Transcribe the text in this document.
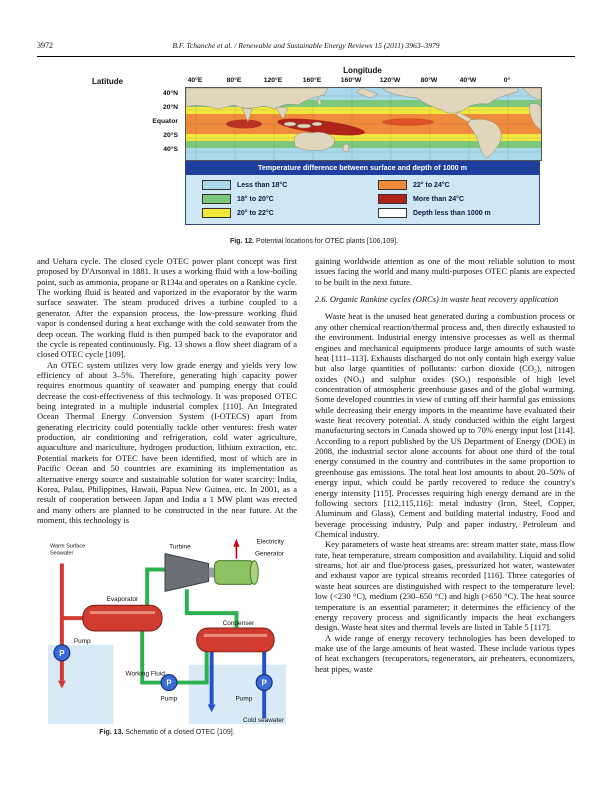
3972	B.F. Tchanche et al. / Renewable and Sustainable Energy Reviews 15 (2011) 3963–3979
Longitude
Latitude	40°E	80°E	120°E	160°E	160°W	120°W	80°W	40°W	0°
40°N
20°N
Equator
20°S
40°S
Temperature difference between surface and depth of 1000 m
Less than 18°C	22° to 24°C
18° to 20°C	More than 24°C
20° to 22°C	Depth less than 1000 m
Fig. 12. Potential locations for OTEC plants [106,109].

and Uehara cycle. The closed cycle OTEC power plant concept was first proposed by D'Arsonval in 1881. It uses a working fluid with a low-boiling point, such as ammonia, propane or R134a and operates on a Rankine cycle. The working fluid is heated and vaporized in the evaporator by the warm surface seawater. The steam produced drives a turbine coupled to a generator. After the expansion process, the low-pressure working fluid vapor is condensed during a heat exchange with the cold seawater from the deep ocean. The working fluid is then pumped back to the evaporator and the cycle is repeated continuously. Fig. 13 shows a flow sheet diagram of a closed OTEC cycle [109].

An OTEC system utilizes very low grade energy and yields very low efficiency of about 3–5%. Therefore, generating high capacity power requires enormous quantity of seawater and pumping energy that could decrease the cost-effectiveness of this technology. It was proposed OTEC being integrated in a multiple industrial complex [110]. An Integrated Ocean Thermal Energy Conversion System (I-OTECS) apart from generating electricity could potentially tackle other ventures: fresh water production, air conditioning and refrigeration, cold water agriculture, aquaculture and mariculture, hydrogen production, lithium extraction, etc. Potential markets for OTEC have been identified, most of which are in Pacific Ocean and 50 countries are examining its implementation as alternative energy source and sustainable solution for water scarcity: India, Korea, Palau, Philippines, Hawaii, Papua New Guinea, etc. In 2001, as a result of cooperation between Japan and India a 1 MW plant was erected and many others are planned to be constructed in the near future. At the moment, this technology is

P
P	P
Warm Surface
Seawater
Evaporator
Turbine
Electricity
Generator
Condenser
Working Fluid
Pump
Pump	Pump
Cold seawater
Fig. 13. Schematic of a closed OTEC [109].

gaining worldwide attention as one of the most reliable solution to most issues facing the world and many multi-purposes OTEC plants are expected to be built in the next future.

2.6. Organic Rankine cycles (ORCs) in waste heat recovery application

Waste heat is the unused heat generated during a combustion process or any other chemical reaction/thermal process and, then directly exhausted to the environment. Industrial energy intensive processes as well as thermal engines and mechanical equipments produce large amounts of such waste heat [111–113]. Exhausts discharged do not only contain high exergy value but also large quantities of pollutants: carbon dioxide (CO₂), nitrogen oxides (NOₓ) and sulphur oxides (SOₓ) responsible of high level concentration of atmospheric greenhouse gases and of the global warming. Some developed countries in view of cutting off their harmful gas emissions while decreasing their energy imports in the meantime have evaluated their waste heat recovery potential. A study conducted within the eight largest manufacturing sectors in Canada showed up to 70% energy input lost [114]. According to a report published by the US Department of Energy (DOE) in 2008, the industrial sector alone accounts for about one third of the total energy consumed in the country and contributes in the same proportion to greenhouse gas emissions. The total heat lost amounts to about 20–50% of energy input, which could be partly recovered to reduce the country's energy intensity [115]. Processes requiring high energy demand are in the following sectors [112,115,116]: metal industry (Iron, Steel, Copper, Aluminum and Glass), Cement and building material industry, Food and beverage processing industry, Pulp and paper industry, Petroleum and Chemical industry.

Key parameters of waste heat streams are: stream matter state, mass flow rate, heat temperature, stream composition and availability. Liquid and solid streams, hot air and flue/process gases, pressurized hot water, wastewater and exhaust vapor are typical streams recorded [116]. Three categories of waste heat sources are distinguished with respect to the temperature level: low (<230 °C), medium (230–650 °C) and high (>650 °C). The heat source temperature is an essential parameter; it determines the efficiency of the energy recovery process and significantly impacts the heat exchangers design. Waste heat sites and thermal levels are listed in Table 5 [117].

A wide range of energy recovery technologies has been developed to make use of the large amounts of heat wasted. These include various types of heat exchangers (recuperators, regenerators, air preheaters, economizers, heat pipes, waste
